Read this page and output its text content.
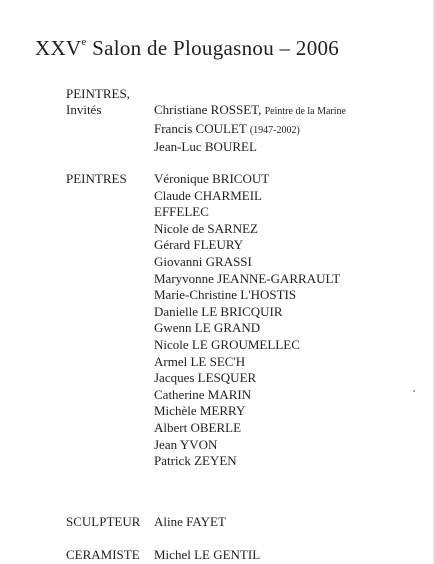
XXVe Salon de Plougasnou – 2006
PEINTRES,
Invités	Christiane ROSSET, Peintre de la Marine
Francis COULET (1947-2002)
Jean-Luc BOUREL
PEINTRES	Véronique BRICOUT
Claude CHARMEIL
EFFELEC
Nicole de SARNEZ
Gérard FLEURY
Giovanni GRASSI
Maryvonne JEANNE-GARRAULT
Marie-Christine L'HOSTIS
Danielle LE BRICQUIR
Gwenn LE GRAND
Nicole LE GROUMELLEC
Armel LE SEC'H
Jacques LESQUER
Catherine MARIN
Michèle MERRY
Albert OBERLE
Jean YVON
Patrick ZEYEN
SCULPTEUR	Aline FAYET
CERAMISTE	Michel LE GENTIL
